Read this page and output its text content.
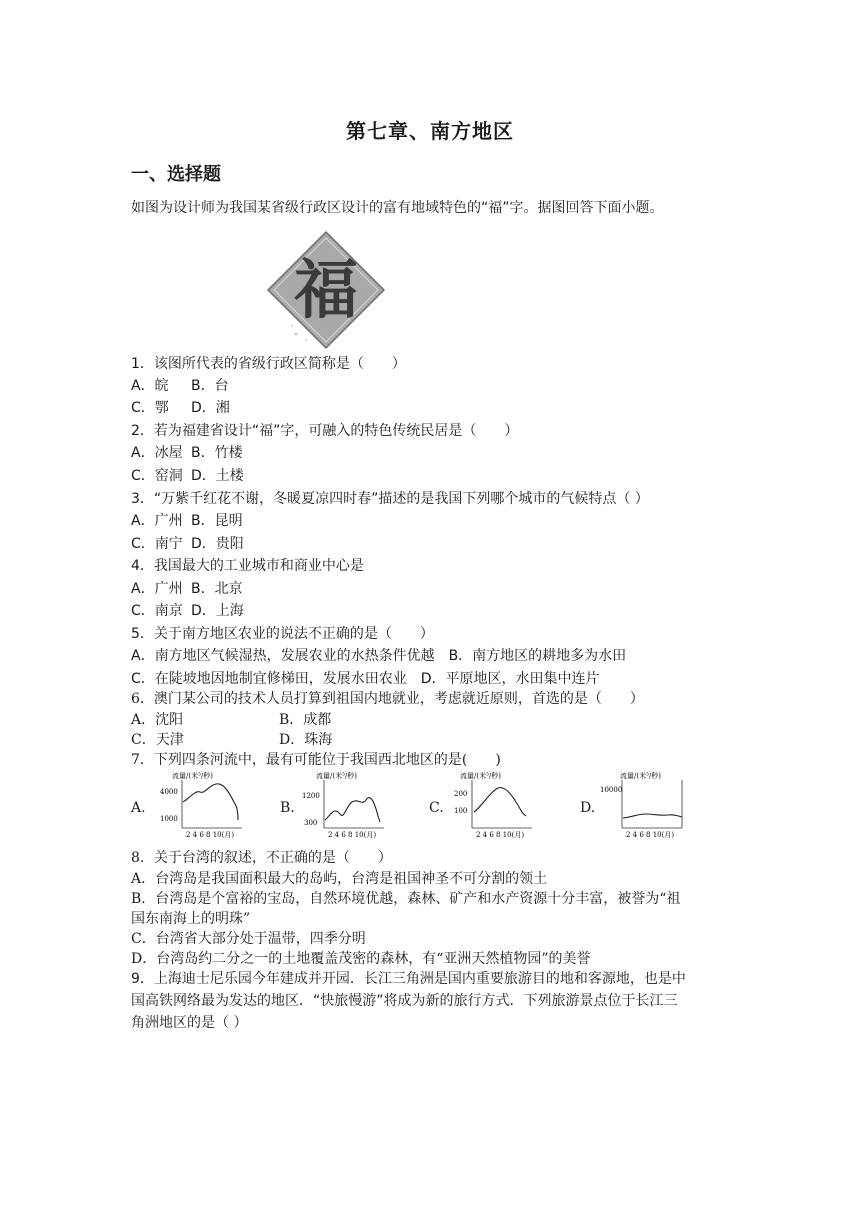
第七章、南方地区
一、选择题
如图为设计师为我国某省级行政区设计的富有地域特色的“福”字。据图回答下面小题。
福
1．该图所代表的省级行政区简称是（　　）
A．皖 B．台
C．鄂 D．湘
2．若为福建省设计“福”字，可融入的特色传统民居是（　　）
A．冰屋 B．竹楼
C．窑洞 D．土楼
3．“万紫千红花不谢，冬暖夏凉四时春”描述的是我国下列哪个城市的气候特点（ ）
A．广州 B．昆明
C．南宁 D．贵阳
4．我国最大的工业城市和商业中心是
A．广州 B．北京
C．南京 D．上海
5．关于南方地区农业的说法不正确的是（　　）
A．南方地区气候湿热，发展农业的水热条件优越　B．南方地区的耕地多为水田
C．在陡坡地因地制宜修梯田，发展水田农业　D．平原地区，水田集中连片
6．澳门某公司的技术人员打算到祖国内地就业，考虑就近原则，首选的是（　　）
A．沈阳	B．成都
C．天津	D．珠海
7．下列四条河流中，最有可能位于我国西北地区的是(　　)
A.
流量/(米³/秒)
4000
1000
2 4 6 8 10(月)
B.
流量/(米³/秒)
1200
300
2 4 6 8 10(月)
C.
流量/(米³/秒)
200
100
2 4 6 8 10(月)
D.
流量/(米³/秒)
10000
2 4 6 8 10(月)
8．关于台湾的叙述，不正确的是（　　）
A．台湾岛是我国面积最大的岛屿，台湾是祖国神圣不可分割的领土
B．台湾岛是个富裕的宝岛，自然环境优越，森林、矿产和水产资源十分丰富，被誉为“祖
国东南海上的明珠”
C．台湾省大部分处于温带，四季分明
D．台湾岛约二分之一的土地覆盖茂密的森林，有“亚洲天然植物园”的美誉
9．上海迪士尼乐园今年建成并开园．长江三角洲是国内重要旅游目的地和客源地，也是中
国高铁网络最为发达的地区．“快旅慢游”将成为新的旅行方式．下列旅游景点位于长江三
角洲地区的是（ ）
